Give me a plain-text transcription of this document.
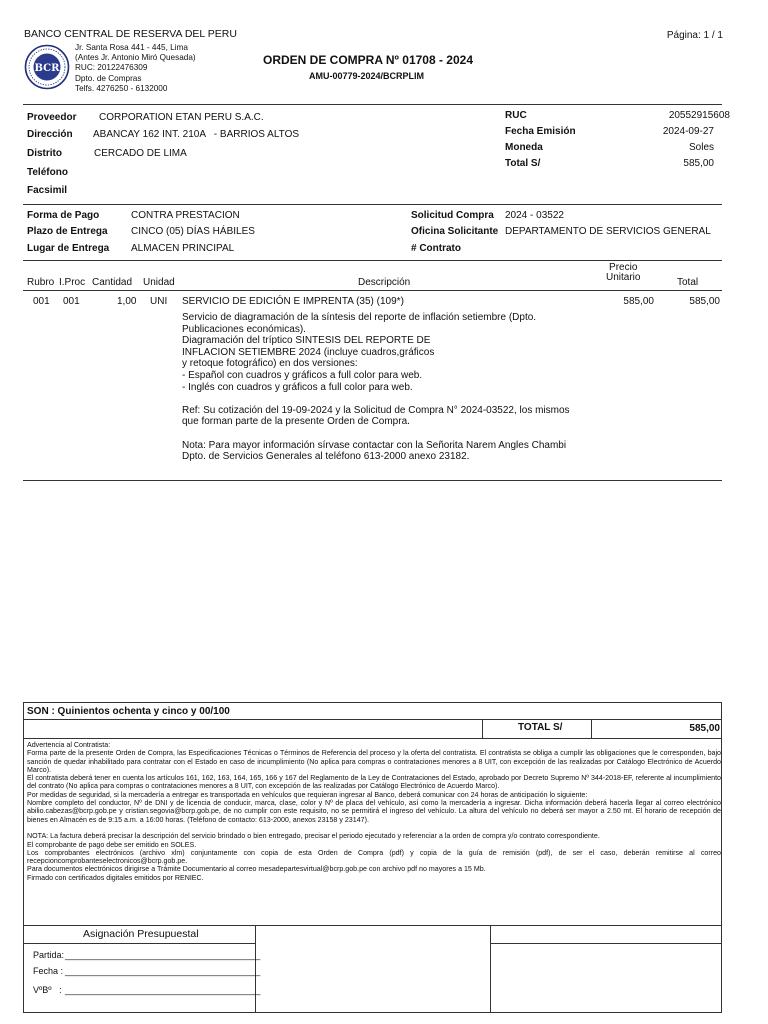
BANCO CENTRAL DE RESERVA DEL PERU
BCR
Jr. Santa Rosa 441 - 445, Lima
(Antes Jr. Antonio Miró Quesada)
RUC: 20122476309
Dpto. de Compras
Telfs. 4276250 - 6132000
ORDEN DE COMPRA Nº 01708 - 2024
AMU-00779-2024/BCRPLIM
Página: 1 / 1
Proveedor CORPORATION ETAN PERU S.A.C.
Dirección ABANCAY 162 INT. 210A   - BARRIOS ALTOS
Distrito	CERCADO DE LIMA
Teléfono
Facsimil
RUC	20552915608
Fecha Emisión	2024-09-27
Moneda	Soles
Total S/	585,00
Forma de Pago	CONTRA PRESTACION
Plazo de Entrega CINCO (05) DÍAS HÁBILES
Lugar de Entrega ALMACEN PRINCIPAL
Solicitud Compra 2024 - 03522
Oficina Solicitante DEPARTAMENTO DE SERVICIOS GENERAL
# Contrato
Rubro I.Proc Cantidad Unidad	Descripción
Precio
Unitario	Total
001 001	1,00 UNI SERVICIO DE EDICIÓN E IMPRENTA (35) (109*)	585,00	585,00
Servicio de diagramación de la síntesis del reporte de inflación setiembre (Dpto.
Publicaciones económicas).
Diagramación del tríptico SINTESIS DEL REPORTE DE
INFLACION SETIEMBRE 2024 (incluye cuadros,gráficos
y retoque fotográfico) en dos versiones:
- Español con cuadros y gráficos a full color para web.
- Inglés con cuadros y gráficos a full color para web.
Ref: Su cotización del 19-09-2024 y la Solicitud de Compra N° 2024-03522, los mismos
que forman parte de la presente Orden de Compra.
Nota: Para mayor información sírvase contactar con la Señorita Narem Angles Chambi
Dpto. de Servicios Generales al teléfono 613-2000 anexo 23182.
SON : Quinientos ochenta y cinco y 00/100
TOTAL S/	585,00
Advertencia al Contratista:
Forma parte de la presente Orden de Compra, las Especificaciones Técnicas o Términos de Referencia del proceso y la oferta del contratista. El contratista se obliga a cumplir las obligaciones que le corresponden, bajo sanción de quedar inhabilitado para contratar con el Estado en caso de incumplimiento (No aplica para compras o contrataciones menores a 8 UIT, con excepción de las realizadas por Catálogo Electrónico de Acuerdo Marco).
El contratista deberá tener en cuenta los artículos 161, 162, 163, 164, 165, 166 y 167 del Reglamento de la Ley de Contrataciones del Estado, aprobado por Decreto Supremo Nº 344-2018-EF, referente al incumplimiento del contrato (No aplica para compras o contrataciones menores a 8 UIT, con excepción de las realizadas por Catálogo Electrónico de Acuerdo Marco).
Por medidas de seguridad, si la mercadería a entregar es transportada en vehículos que requieran ingresar al Banco, deberá comunicar con 24 horas de anticipación lo siguiente:
Nombre completo del conductor, Nº de DNI y de licencia de conducir, marca, clase, color y Nº de placa del vehículo, así como la mercadería a ingresar. Dicha información deberá hacerla llegar al correo electrónico abilio.cabezas@bcrp.gob.pe y cristian.segovia@bcrp.gob.pe, de no cumplir con este requisito, no se permitirá el ingreso del vehículo. La altura del vehículo no deberá ser mayor a 2.50 mt. El horario de recepción de bienes en Almacén es de 9:15 a.m. a 16:00 horas. (Teléfono de contacto: 613-2000, anexos 23158 y 23147).
NOTA: La factura deberá precisar la descripción del servicio brindado o bien entregado, precisar el periodo ejecutado y referenciar a la orden de compra y/o contrato correspondiente.
El comprobante de pago debe ser emitido en SOLES.
Los comprobantes electrónicos (archivo xlm) conjuntamente con copia de esta Orden de Compra (pdf) y copia de la guía de remisión (pdf), de ser el caso, deberán remitirse al correo recepcioncomprobanteselectronicos@bcrp.gob.pe.
Para documentos electrónicos dirigirse a Trámite Documentario al correo mesadepartesvirtual@bcrp.gob.pe con archivo pdf no mayores a 15 Mb.
Firmado con certificados digitales emitidos por RENIEC.
Asignación Presupuestal
Partida: _______________________________________
Fecha : _______________________________________
VºBº   : _______________________________________
